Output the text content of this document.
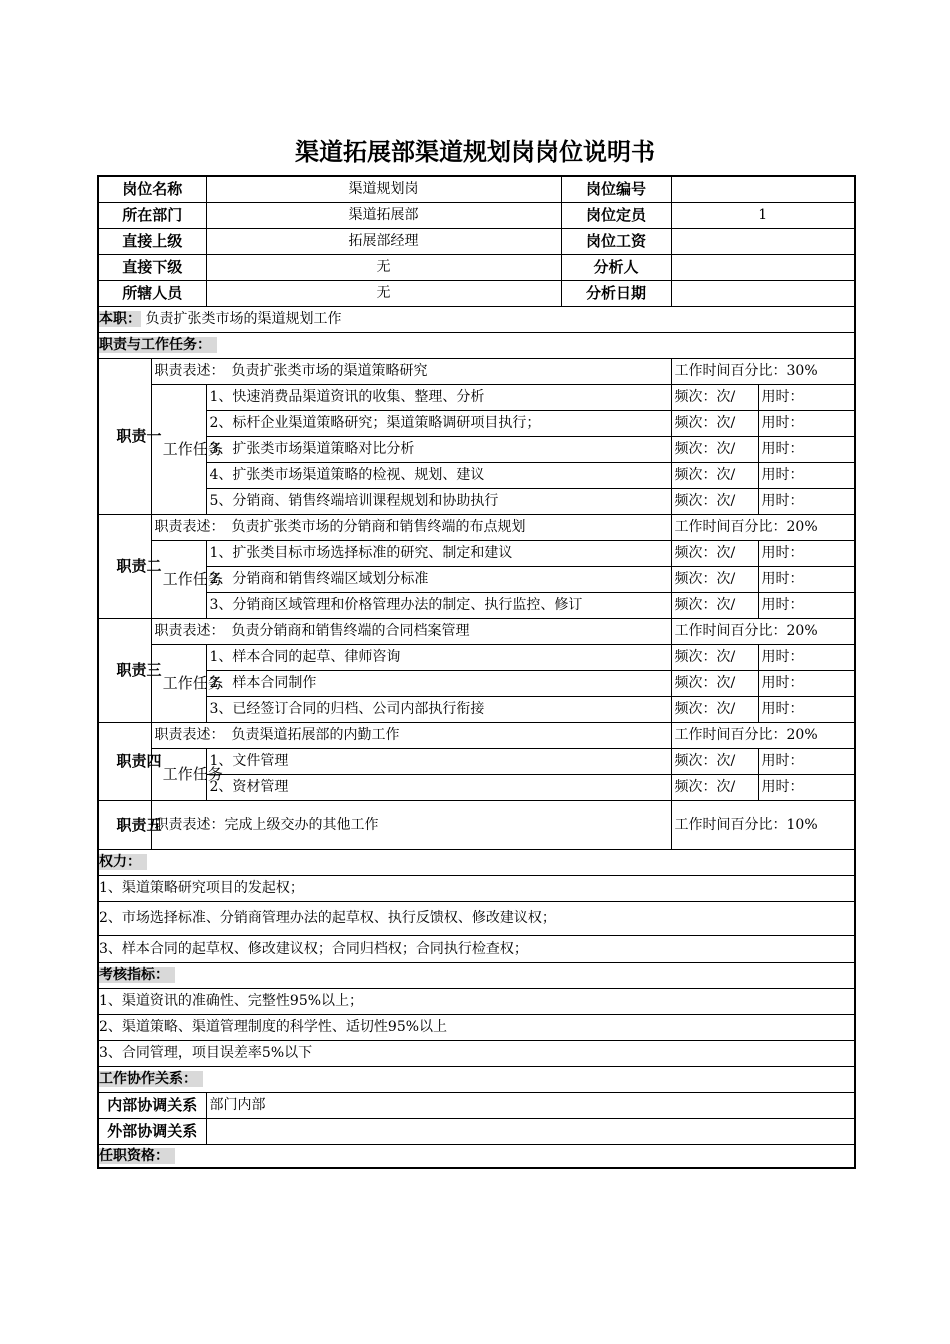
渠道拓展部渠道规划岗岗位说明书
岗位名称		渠道规划岗	岗位编号		
所在部门		渠道拓展部	岗位定员	1	
直接上级		拓展部经理	岗位工资		
直接下级		无	分析人		
所辖人员		无	分析日期		
本职： 负责扩张类市场的渠道规划工作					
职责与工作任务：					
职责一	职责表述：　负责扩张类市场的渠道策略研究			工作时间百分比：30%	
	工作任务	1、快速消费品渠道资讯的收集、整理、分析		频次：次/	用时：
		2、标杆企业渠道策略研究；渠道策略调研项目执行；		频次：次/	用时：
		3、扩张类市场渠道策略对比分析		频次：次/	用时：
		4、扩张类市场渠道策略的检视、规划、建议		频次：次/	用时：
		5、分销商、销售终端培训课程规划和协助执行		频次：次/	用时：
职责二	职责表述：　负责扩张类市场的分销商和销售终端的布点规划			工作时间百分比：20%	
	工作任务	1、扩张类目标市场选择标准的研究、制定和建议		频次：次/	用时：
		2、分销商和销售终端区域划分标准		频次：次/	用时：
		3、分销商区域管理和价格管理办法的制定、执行监控、修订		频次：次/	用时：
职责三	职责表述：　负责分销商和销售终端的合同档案管理			工作时间百分比：20%	
	工作任务	1、样本合同的起草、律师咨询		频次：次/	用时：
		2、样本合同制作		频次：次/	用时：
		3、已经签订合同的归档、公司内部执行衔接		频次：次/	用时：
职责四	职责表述：　负责渠道拓展部的内勤工作			工作时间百分比：20%	
	工作任务	1、文件管理		频次：次/	用时：
		2、资材管理		频次：次/	用时：
职责五	职责表述：完成上级交办的其他工作			工作时间百分比：10%	
权力：					
1、渠道策略研究项目的发起权；					
2、市场选择标准、分销商管理办法的起草权、执行反馈权、修改建议权；					
3、样本合同的起草权、修改建议权；合同归档权；合同执行检查权；					
考核指标：					
1、渠道资讯的准确性、完整性95%以上；					
2、渠道策略、渠道管理制度的科学性、适切性95%以上					
3、合同管理，项目误差率5%以下					
工作协作关系：					
内部协调关系		部门内部			
外部协调关系					
任职资格：					
